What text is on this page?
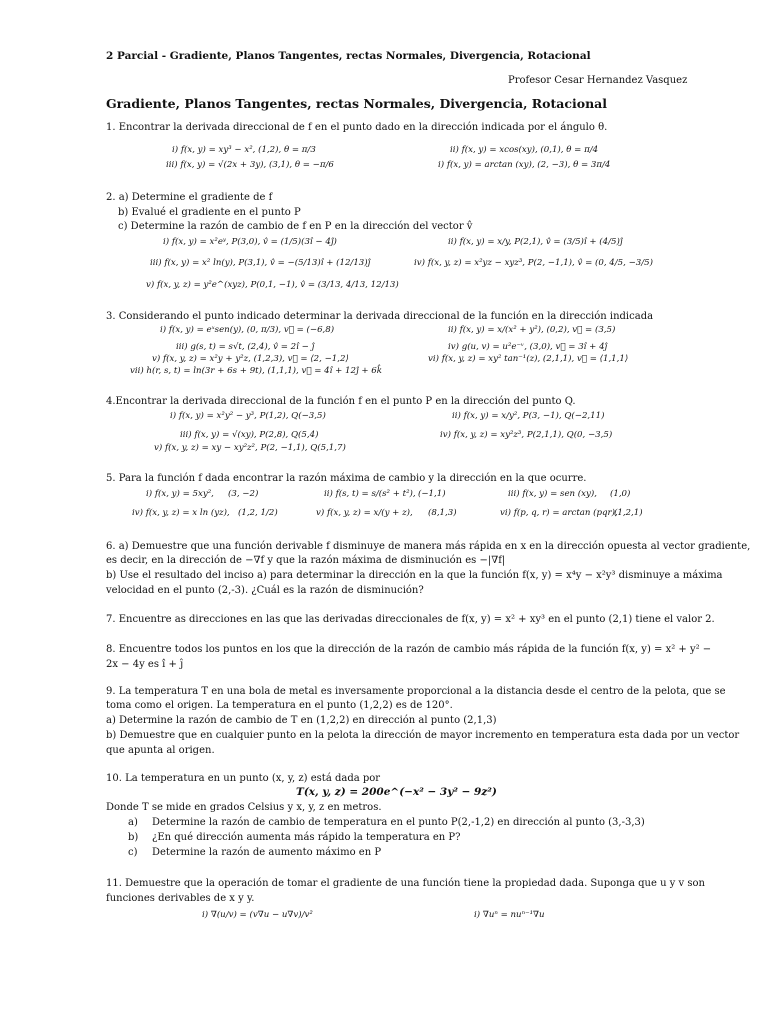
2 Parcial - Gradiente, Planos Tangentes, rectas Normales, Divergencia, Rotacional
Profesor Cesar Hernandez Vasquez
Gradiente, Planos Tangentes, rectas Normales, Divergencia, Rotacional
1. Encontrar la derivada direccional de f en el punto dado en la dirección indicada por el ángulo θ.
i) f(x, y) = xy³ − x², (1,2), θ = π/3	ii) f(x, y) = xcos(xy), (0,1), θ = π/4
iii) f(x, y) = √(2x + 3y), (3,1), θ = −π/6	i) f(x, y) = arctan (xy), (2, −3), θ = 3π/4
2. a) Determine el gradiente de f
b) Evalué el gradiente en el punto P
c) Determine la razón de cambio de f en P en la dirección del vector v̂
i) f(x, y) = x²eʸ, P(3,0), v̂ = (1/5)(3î − 4ĵ)	ii) f(x, y) = x/y, P(2,1), v̂ = (3/5)î + (4/5)ĵ
iii) f(x, y) = x² ln(y), P(3,1), v̂ = −(5/13)î + (12/13)ĵ	iv) f(x, y, z) = x²yz − xyz³, P(2, −1,1), v̂ = (0, 4/5, −3/5)
v) f(x, y, z) = y²e^(xyz), P(0,1, −1), v̂ = (3/13, 4/13, 12/13)
3. Considerando el punto indicado determinar la derivada direccional de la función en la dirección indicada
i) f(x, y) = eˣsen(y), (0, π/3), v⃗ = (−6,8)	ii) f(x, y) = x/(x² + y²), (0,2), v⃗ = (3,5)
iii) g(s, t) = s√t, (2,4), v̂ = 2î − ĵ	iv) g(u, v) = u²e⁻ᵛ, (3,0), v⃗ = 3î + 4ĵ
v) f(x, y, z) = x²y + y²z, (1,2,3), v⃗ = ⟨2, −1,2⟩	vi) f(x, y, z) = xy² tan⁻¹(z), (2,1,1), v⃗ = ⟨1,1,1⟩
vii) h(r, s, t) = ln(3r + 6s + 9t), (1,1,1), v⃗ = 4î + 12ĵ + 6k̂
4.Encontrar la derivada direccional de la función f en el punto P en la dirección del punto Q.
i) f(x, y) = x²y² − y³, P(1,2), Q(−3,5)	ii) f(x, y) = x/y², P(3, −1), Q(−2,11)
iii) f(x, y) = √(xy), P(2,8), Q(5,4)	iv) f(x, y, z) = xy²z³, P(2,1,1), Q(0, −3,5)
v) f(x, y, z) = xy − xy²z², P(2, −1,1), Q(5,1,7)
5. Para la función f dada encontrar la razón máxima de cambio y la dirección en la que ocurre.
i) f(x, y) = 5xy², (3, −2)	ii) f(s, t) = s/(s² + t²), (−1,1)	iii) f(x, y) = sen (xy), (1,0)
iv) f(x, y, z) = x ln (yz), (1,2, 1/2)	v) f(x, y, z) = x/(y + z), (8,1,3)	vi) f(p, q, r) = arctan (pqr),
(1,2,1)
6. a) Demuestre que una función derivable f disminuye de manera más rápida en x en la dirección opuesta al vector gradiente,
es decir, en la dirección de −∇f y que la razón máxima de disminución es −|∇f|
b) Use el resultado del inciso a) para determinar la dirección en la que la función f(x, y) = x⁴y − x²y³ disminuye a máxima
velocidad en el punto (2,-3). ¿Cuál es la razón de disminución?
7. Encuentre as direcciones en las que las derivadas direccionales de f(x, y) = x² + xy³ en el punto (2,1) tiene el valor 2.
8. Encuentre todos los puntos en los que la dirección de la razón de cambio más rápida de la función f(x, y) = x² + y² −
2x − 4y es î + ĵ
9. La temperatura T en una bola de metal es inversamente proporcional a la distancia desde el centro de la pelota, que se
toma como el origen. La temperatura en el punto (1,2,2) es de 120°.
a) Determine la razón de cambio de T en (1,2,2) en dirección al punto (2,1,3)
b) Demuestre que en cualquier punto en la pelota la dirección de mayor incremento en temperatura esta dada por un vector
que apunta al origen.
10. La temperatura en un punto (x, y, z) está dada por
T(x, y, z) = 200e^(−x² − 3y² − 9z²)
Donde T se mide en grados Celsius y x, y, z en metros.
a) Determine la razón de cambio de temperatura en el punto P(2,-1,2) en dirección al punto (3,-3,3)
b) ¿En qué dirección aumenta más rápido la temperatura en P?
c) Determine la razón de aumento máximo en P
11. Demuestre que la operación de tomar el gradiente de una función tiene la propiedad dada. Suponga que u y v son
funciones derivables de x y y.
i) ∇(u/v) = (v∇u − u∇v)/v²	i) ∇uⁿ = nuⁿ⁻¹∇u
